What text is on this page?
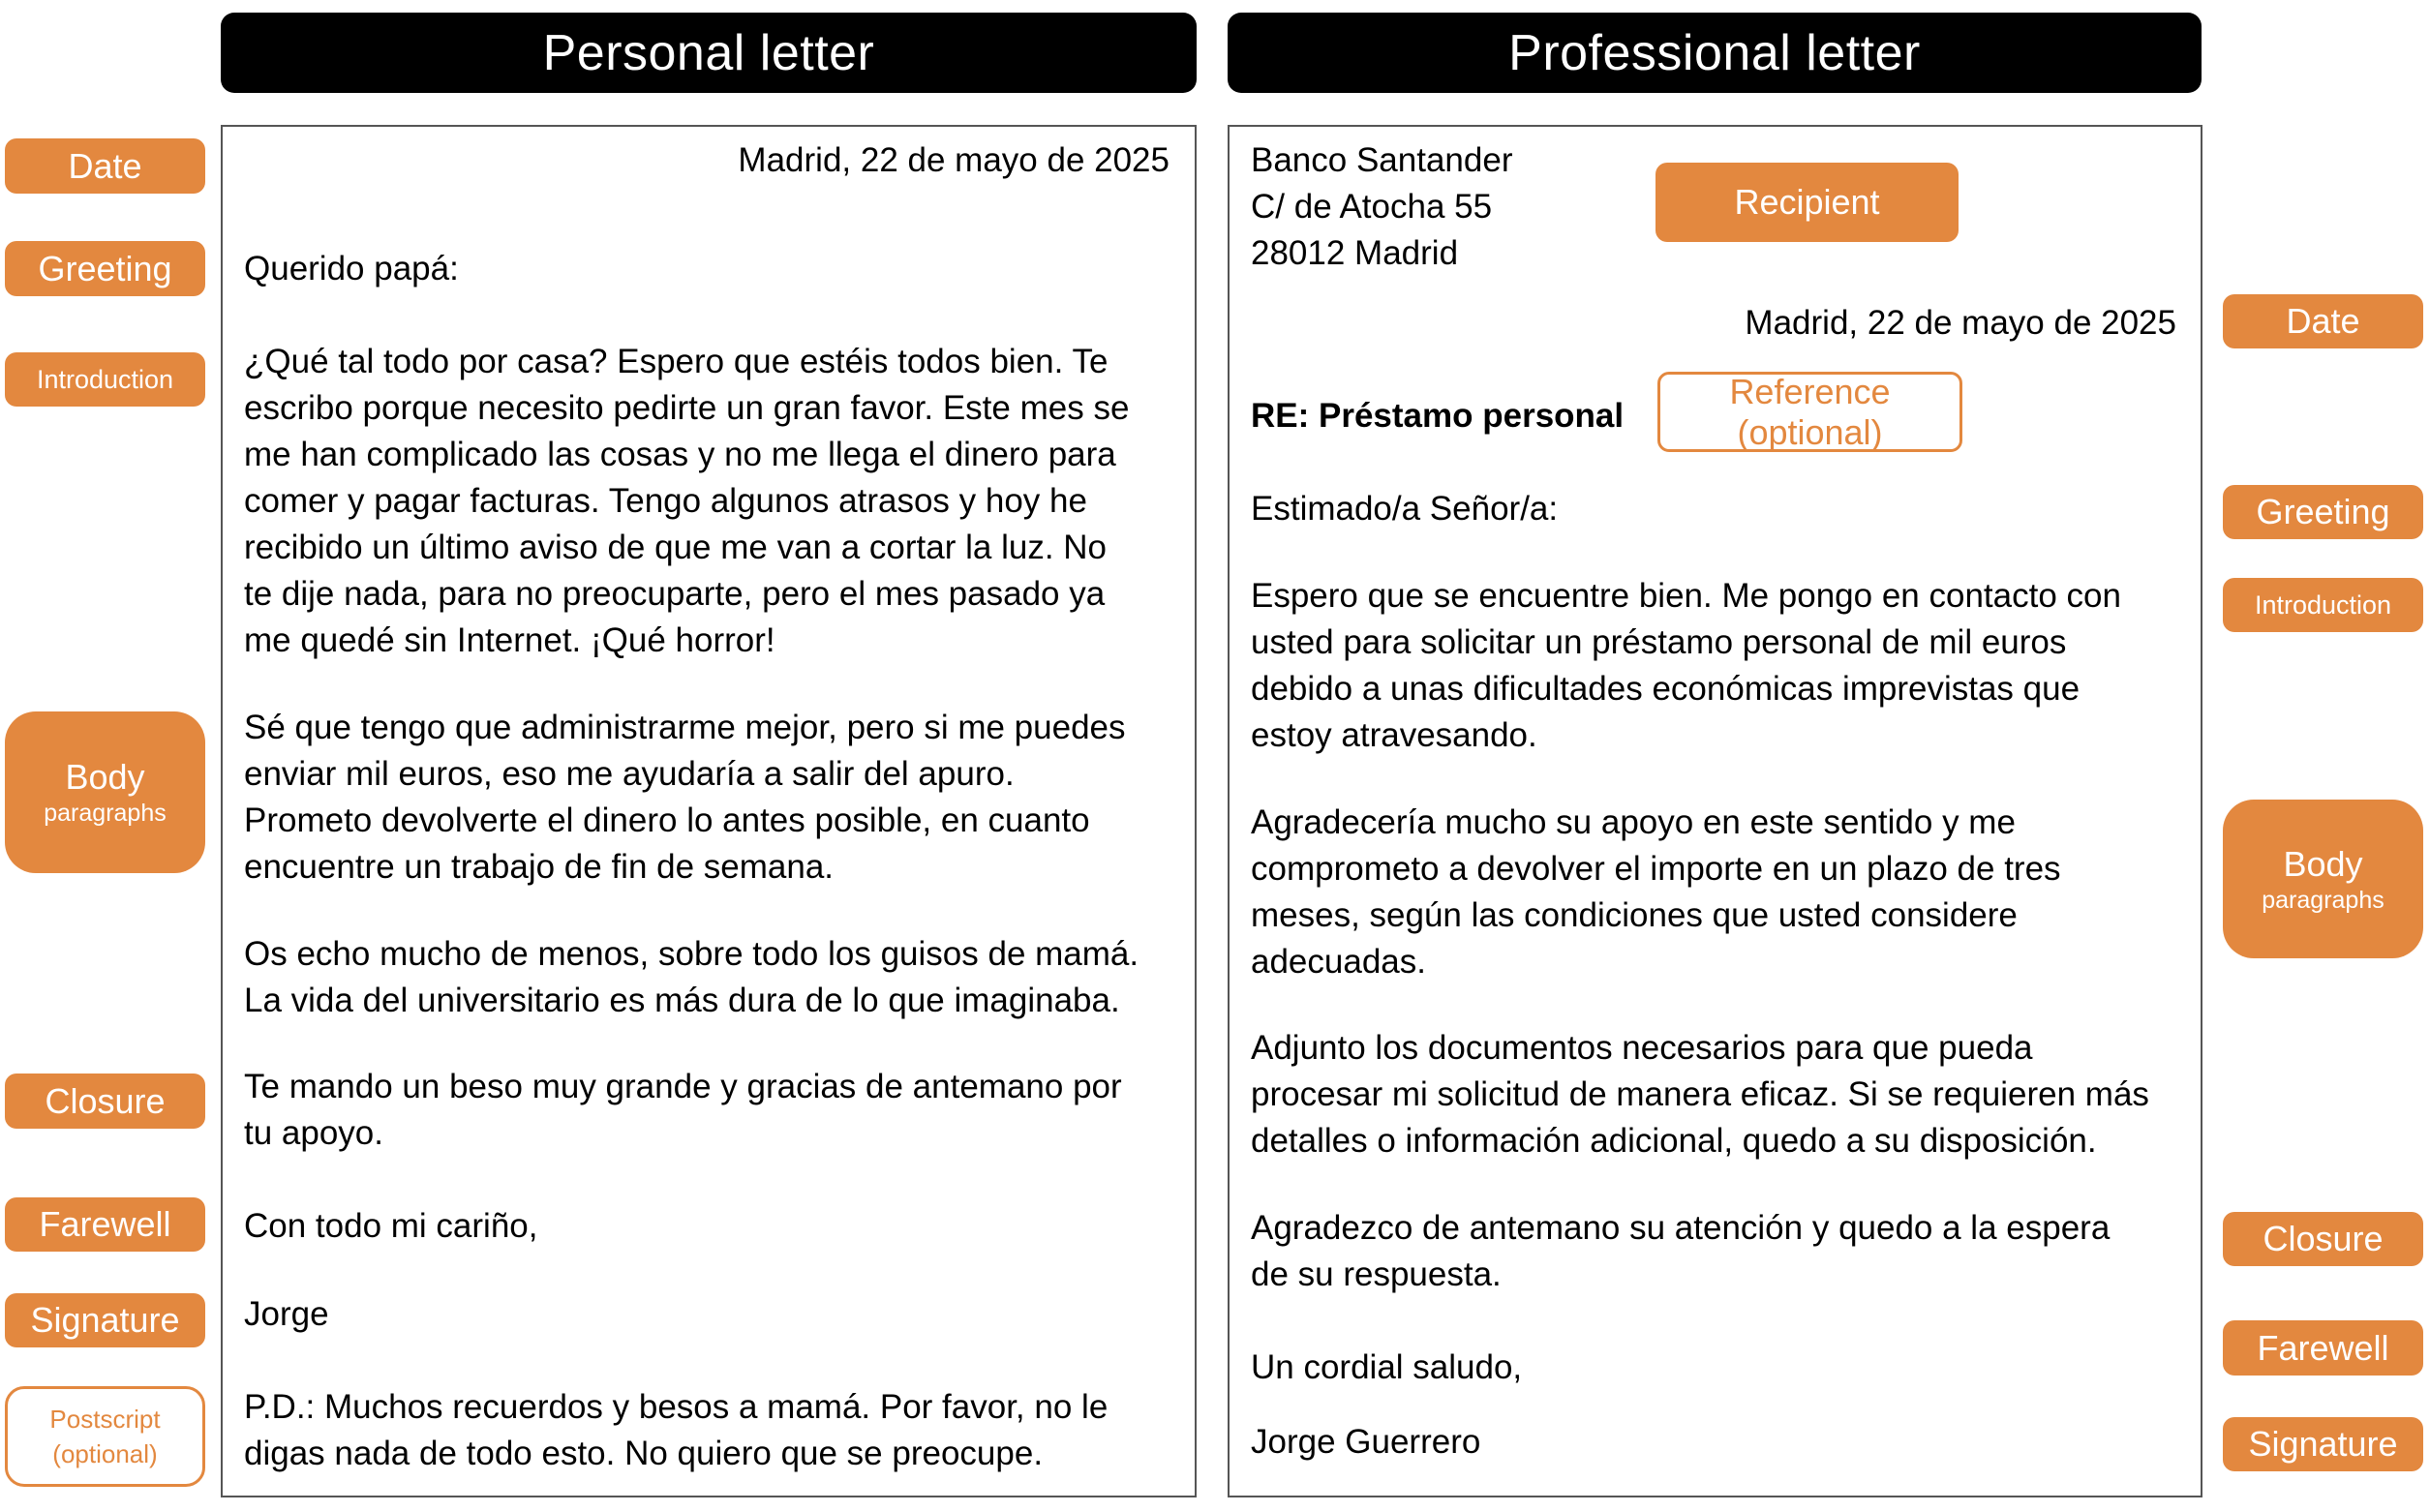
Personal letter	Professional letter
Madrid, 22 de mayo de 2025
Querido papá:
¿Qué tal todo por casa? Espero que estéis todos bien. Te
escribo porque necesito pedirte un gran favor. Este mes se
me han complicado las cosas y no me llega el dinero para
comer y pagar facturas. Tengo algunos atrasos y hoy he
recibido un último aviso de que me van a cortar la luz. No
te dije nada, para no preocuparte, pero el mes pasado ya
me quedé sin Internet. ¡Qué horror!
Sé que tengo que administrarme mejor, pero si me puedes
enviar mil euros, eso me ayudaría a salir del apuro.
Prometo devolverte el dinero lo antes posible, en cuanto
encuentre un trabajo de fin de semana.
Os echo mucho de menos, sobre todo los guisos de mamá.
La vida del universitario es más dura de lo que imaginaba.
Te mando un beso muy grande y gracias de antemano por
tu apoyo.
Con todo mi cariño,
Jorge
P.D.: Muchos recuerdos y besos a mamá. Por favor, no le
digas nada de todo esto. No quiero que se preocupe.
Date
Greeting
Introduction
Body
paragraphs
Closure
Farewell
Signature
Postscript
(optional)
Banco Santander
C/ de Atocha 55
28012 Madrid
Madrid, 22 de mayo de 2025
RE: Préstamo personal
Estimado/a Señor/a:
Espero que se encuentre bien. Me pongo en contacto con
usted para solicitar un préstamo personal de mil euros
debido a unas dificultades económicas imprevistas que
estoy atravesando.
Agradecería mucho su apoyo en este sentido y me
comprometo a devolver el importe en un plazo de tres
meses, según las condiciones que usted considere
adecuadas.
Adjunto los documentos necesarios para que pueda
procesar mi solicitud de manera eficaz. Si se requieren más
detalles o información adicional, quedo a su disposición.
Agradezco de antemano su atención y quedo a la espera
de su respuesta.
Un cordial saludo,
Jorge Guerrero
Recipient
Reference (optional)
Date
Greeting
Introduction
Body
paragraphs
Closure
Farewell
Signature
